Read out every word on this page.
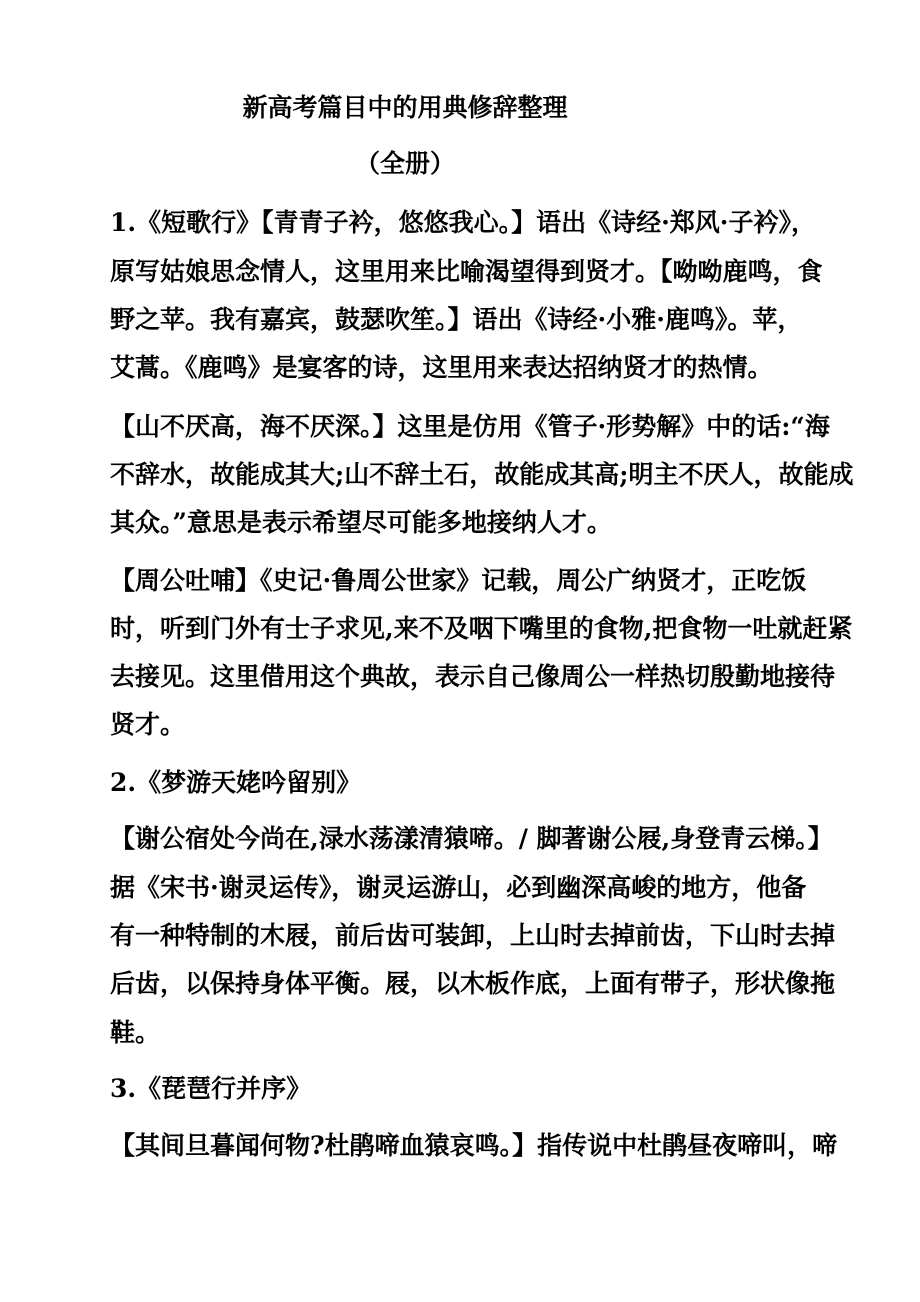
新高考篇目中的用典修辞整理
（全册）
1.《短歌行》【青青子衿，悠悠我心。】语出《诗经·郑风·子衿》，
原写姑娘思念情人，这里用来比喻渴望得到贤才。【呦呦鹿鸣，食
野之苹。我有嘉宾，鼓瑟吹笙。】语出《诗经·小雅·鹿鸣》。苹，
艾蒿。《鹿鸣》是宴客的诗，这里用来表达招纳贤才的热情。
【山不厌高，海不厌深。】这里是仿用《管子·形势解》中的话:“海
不辞水，故能成其大;山不辞土石，故能成其高;明主不厌人，故能成
其众。”意思是表示希望尽可能多地接纳人才。
【周公吐哺】《史记·鲁周公世家》记载，周公广纳贤才，正吃饭
时，听到门外有士子求见,来不及咽下嘴里的食物,把食物一吐就赶紧
去接见。这里借用这个典故，表示自己像周公一样热切殷勤地接待
贤才。
2.《梦游天姥吟留别》
【谢公宿处今尚在,渌水荡漾清猿啼。/ 脚著谢公屐,身登青云梯。】
据《宋书·谢灵运传》，谢灵运游山，必到幽深高峻的地方，他备
有一种特制的木屐，前后齿可装卸，上山时去掉前齿，下山时去掉
后齿，以保持身体平衡。屐，以木板作底，上面有带子，形状像拖
鞋。
3.《琵琶行并序》
【其间旦暮闻何物?杜鹃啼血猿哀鸣。】指传说中杜鹃昼夜啼叫，啼
